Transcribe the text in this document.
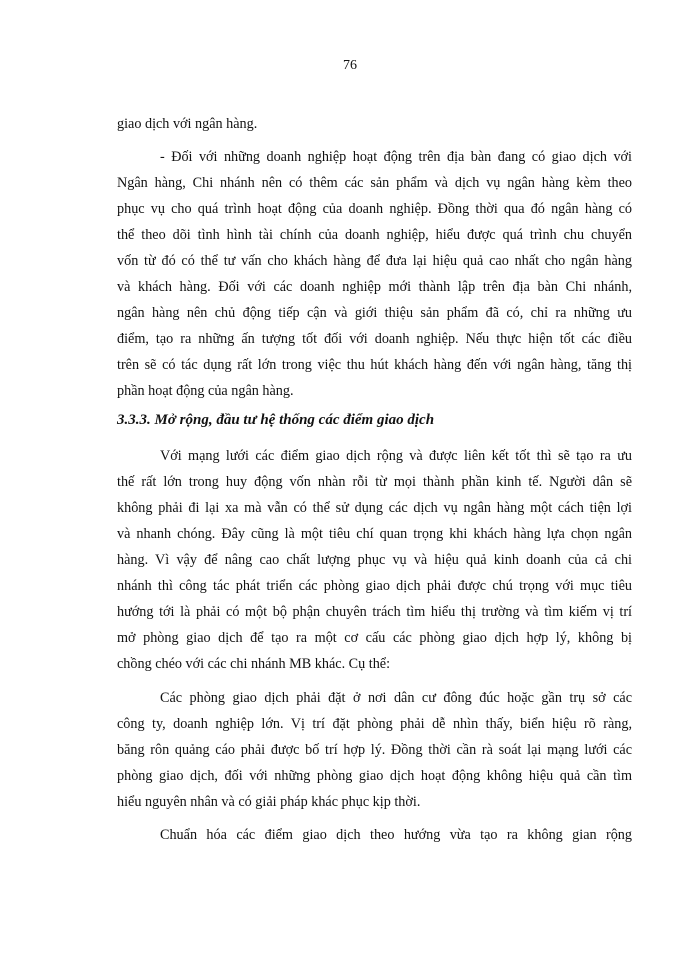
76
giao dịch với ngân hàng.
- Đối với những doanh nghiệp hoạt động trên địa bàn đang có giao dịch với
Ngân hàng, Chi nhánh nên có thêm các sản phẩm và dịch vụ ngân hàng kèm theo
phục vụ cho quá trình hoạt động của doanh nghiệp. Đồng thời qua đó ngân hàng có
thể theo dõi tình hình tài chính của doanh nghiệp, hiểu được quá trình chu chuyển
vốn từ đó có thể tư vấn cho khách hàng để đưa lại hiệu quả cao nhất cho ngân hàng
và khách hàng. Đối với các doanh nghiệp mới thành lập trên địa bàn Chi nhánh,
ngân hàng nên chủ động tiếp cận và giới thiệu sản phẩm đã có, chỉ ra những ưu
điểm, tạo ra những ấn tượng tốt đối với doanh nghiệp. Nếu thực hiện tốt các điều
trên sẽ có tác dụng rất lớn trong việc thu hút khách hàng đến với ngân hàng, tăng thị
phần hoạt động của ngân hàng.
3.3.3. Mở rộng, đầu tư hệ thống các điểm giao dịch
Với mạng lưới các điểm giao dịch rộng và được liên kết tốt thì sẽ tạo ra ưu
thế rất lớn trong huy động vốn nhàn rỗi từ mọi thành phần kinh tế. Người dân sẽ
không phải đi lại xa mà vẫn có thể sử dụng các dịch vụ ngân hàng một cách tiện lợi
và nhanh chóng. Đây cũng là một tiêu chí quan trọng khi khách hàng lựa chọn ngân
hàng. Vì vậy để nâng cao chất lượng phục vụ và hiệu quả kinh doanh của cả chi
nhánh thì công tác phát triển các phòng giao dịch phải được chú trọng với mục tiêu
hướng tới là phải có một bộ phận chuyên trách tìm hiểu thị trường và tìm kiếm vị trí
mở phòng giao dịch để tạo ra một cơ cấu các phòng giao dịch hợp lý, không bị
chồng chéo với các chi nhánh MB khác. Cụ thể:
Các phòng giao dịch phải đặt ở nơi dân cư đông đúc hoặc gần trụ sở các
công ty, doanh nghiệp lớn. Vị trí đặt phòng phải dễ nhìn thấy, biển hiệu rõ ràng,
băng rôn quảng cáo phải được bố trí hợp lý. Đồng thời cần rà soát lại mạng lưới các
phòng giao dịch, đối với những phòng giao dịch hoạt động không hiệu quả cần tìm
hiểu nguyên nhân và có giải pháp khác phục kịp thời.
Chuẩn hóa các điểm giao dịch theo hướng vừa tạo ra không gian rộng
